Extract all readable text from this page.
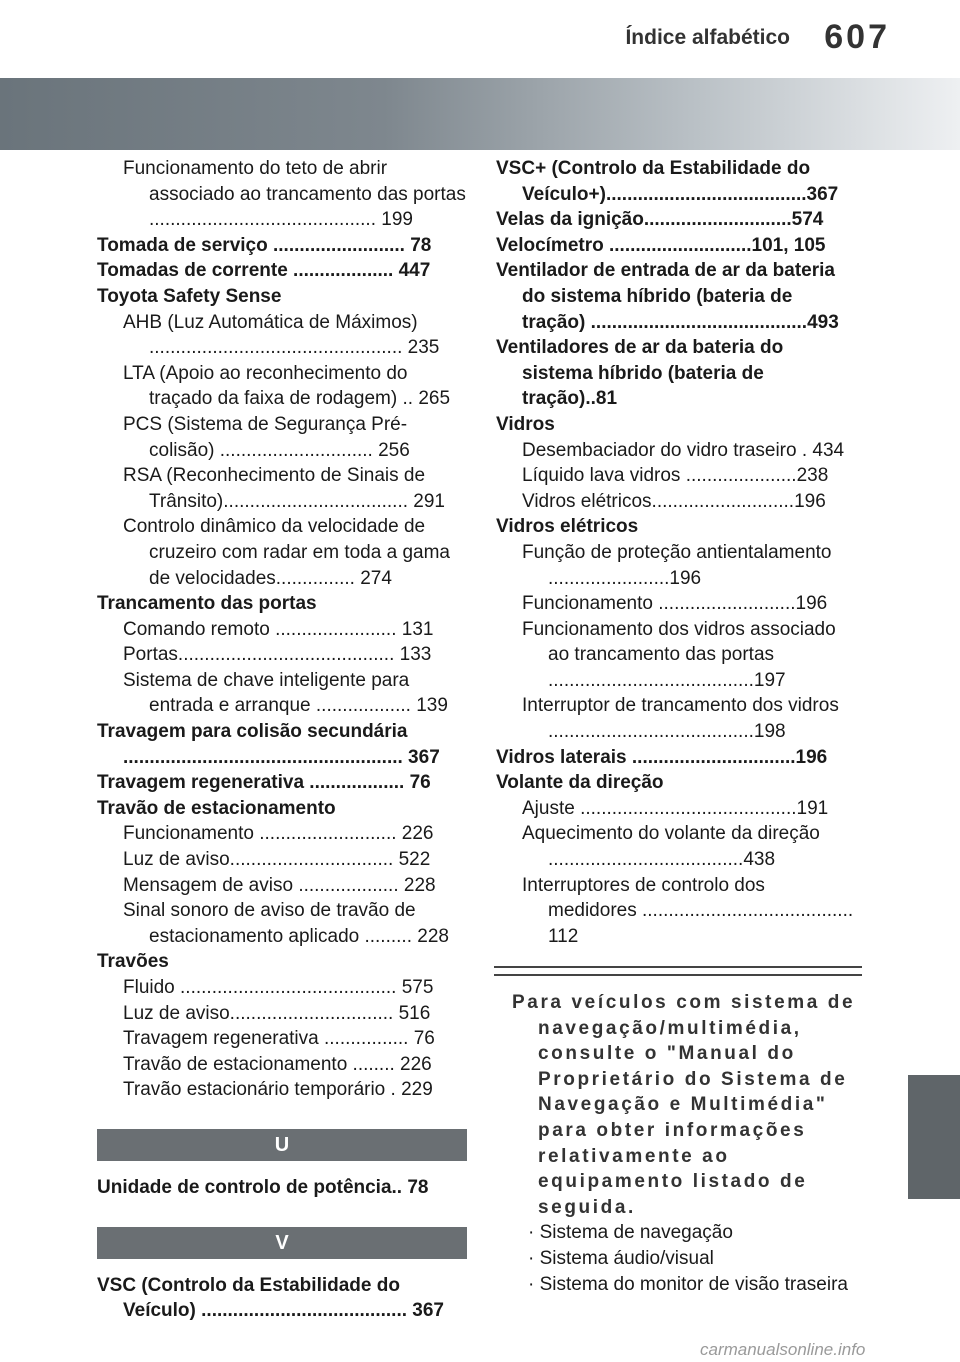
Índice alfabético 607
Funcionamento do teto de abrir associado ao trancamento das portas ........................................... 199
Tomada de serviço ......................... 78
Tomadas de corrente ................... 447
Toyota Safety Sense
AHB (Luz Automática de Máximos) ................................................ 235
LTA (Apoio ao reconhecimento do traçado da faixa de rodagem) .. 265
PCS (Sistema de Segurança Pré-colisão) ............................. 256
RSA (Reconhecimento de Sinais de Trânsito)................................... 291
Controlo dinâmico da velocidade de cruzeiro com radar em toda a gama de velocidades............... 274
Trancamento das portas
Comando remoto ....................... 131
Portas......................................... 133
Sistema de chave inteligente para entrada e arranque .................. 139
Travagem para colisão secundária ..................................................... 367
Travagem regenerativa .................. 76
Travão de estacionamento
Funcionamento .......................... 226
Luz de aviso............................... 522
Mensagem de aviso ................... 228
Sinal sonoro de aviso de travão de estacionamento aplicado ......... 228
Travões
Fluido ......................................... 575
Luz de aviso............................... 516
Travagem regenerativa ................ 76
Travão de estacionamento ........ 226
Travão estacionário temporário . 229
U
Unidade de controlo de potência.. 78
V
VSC (Controlo da Estabilidade do Veículo) ....................................... 367
VSC+ (Controlo da Estabilidade do Veículo+)......................................367
Velas da ignição............................574
Velocímetro ...........................101, 105
Ventilador de entrada de ar da bateria do sistema híbrido (bateria de tração) .........................................493
Ventiladores de ar da bateria do sistema híbrido (bateria de tração)..81
Vidros
Desembaciador do vidro traseiro . 434
Líquido lava vidros .....................238
Vidros elétricos...........................196
Vidros elétricos
Função de proteção antientalamento .......................196
Funcionamento ..........................196
Funcionamento dos vidros associado ao trancamento das portas .......................................197
Interruptor de trancamento dos vidros .......................................198
Vidros laterais ...............................196
Volante da direção
Ajuste .........................................191
Aquecimento do volante da direção .....................................438
Interruptores de controlo dos medidores ........................................ 112
Para veículos com sistema de navegação/multimédia, consulte o "Manual do Proprietário do Sistema de Navegação e Multimédia" para obter informações relativamente ao equipamento listado de seguida.
· Sistema de navegação
· Sistema áudio/visual
· Sistema do monitor de visão traseira
carmanualsonline.info
